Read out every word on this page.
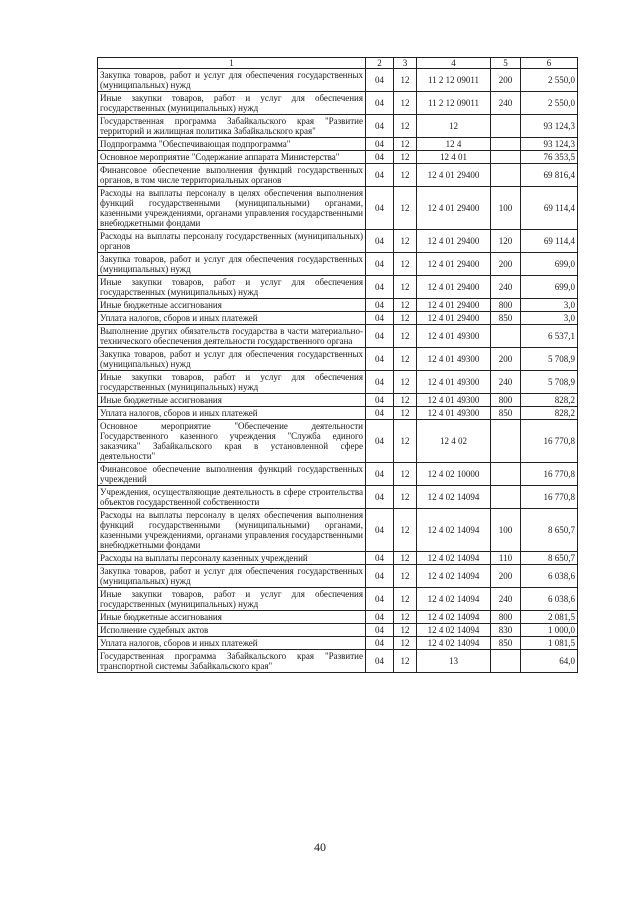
1	2	3	4	5	6
Закупка товаров, работ и услуг для обеспечения государственных (муниципальных) нужд	04	12	11 2 12 09011	200	2 550,0
Иные закупки товаров, работ и услуг для обеспечения государственных (муниципальных) нужд	04	12	11 2 12 09011	240	2 550,0
Государственная программа Забайкальского края "Развитие территорий и жилищная политика Забайкальского края"	04	12	12		93 124,3
Подпрограмма "Обеспечивающая подпрограмма"	04	12	12 4		93 124,3
Основное мероприятие "Содержание аппарата Министерства"	04	12	12 4 01		76 353,5
Финансовое обеспечение выполнения функций государственных органов, в том числе территориальных органов	04	12	12 4 01 29400		69 816,4
Расходы на выплаты персоналу в целях обеспечения выполнения функций государственными (муниципальными) органами, казенными учреждениями, органами управления государственными внебюджетными фондами	04	12	12 4 01 29400	100	69 114,4
Расходы на выплаты персоналу государственных (муниципальных) органов	04	12	12 4 01 29400	120	69 114,4
Закупка товаров, работ и услуг для обеспечения государственных (муниципальных) нужд	04	12	12 4 01 29400	200	699,0
Иные закупки товаров, работ и услуг для обеспечения государственных (муниципальных) нужд	04	12	12 4 01 29400	240	699,0
Иные бюджетные ассигнования	04	12	12 4 01 29400	800	3,0
Уплата налогов, сборов и иных платежей	04	12	12 4 01 29400	850	3,0
Выполнение других обязательств государства в части материально-технического обеспечения деятельности государственного органа	04	12	12 4 01 49300		6 537,1
Закупка товаров, работ и услуг для обеспечения государственных (муниципальных) нужд	04	12	12 4 01 49300	200	5 708,9
Иные закупки товаров, работ и услуг для обеспечения государственных (муниципальных) нужд	04	12	12 4 01 49300	240	5 708,9
Иные бюджетные ассигнования	04	12	12 4 01 49300	800	828,2
Уплата налогов, сборов и иных платежей	04	12	12 4 01 49300	850	828,2
Основное мероприятие "Обеспечение деятельности Государственного казенного учреждения "Служба единого заказчика" Забайкальского края в установленной сфере деятельности"	04	12	12 4 02		16 770,8
Финансовое обеспечение выполнения функций государственных учреждений	04	12	12 4 02 10000		16 770,8
Учреждения, осуществляющие деятельность в сфере строительства объектов государственной собственности	04	12	12 4 02 14094		16 770,8
Расходы на выплаты персоналу в целях обеспечения выполнения функций государственными (муниципальными) органами, казенными учреждениями, органами управления государственными внебюджетными фондами	04	12	12 4 02 14094	100	8 650,7
Расходы на выплаты персоналу казенных учреждений	04	12	12 4 02 14094	110	8 650,7
Закупка товаров, работ и услуг для обеспечения государственных (муниципальных) нужд	04	12	12 4 02 14094	200	6 038,6
Иные закупки товаров, работ и услуг для обеспечения государственных (муниципальных) нужд	04	12	12 4 02 14094	240	6 038,6
Иные бюджетные ассигнования	04	12	12 4 02 14094	800	2 081,5
Исполнение судебных актов	04	12	12 4 02 14094	830	1 000,0
Уплата налогов, сборов и иных платежей	04	12	12 4 02 14094	850	1 081,5
Государственная программа Забайкальского края "Развитие транспортной системы Забайкальского края"	04	12	13		64,0
40
